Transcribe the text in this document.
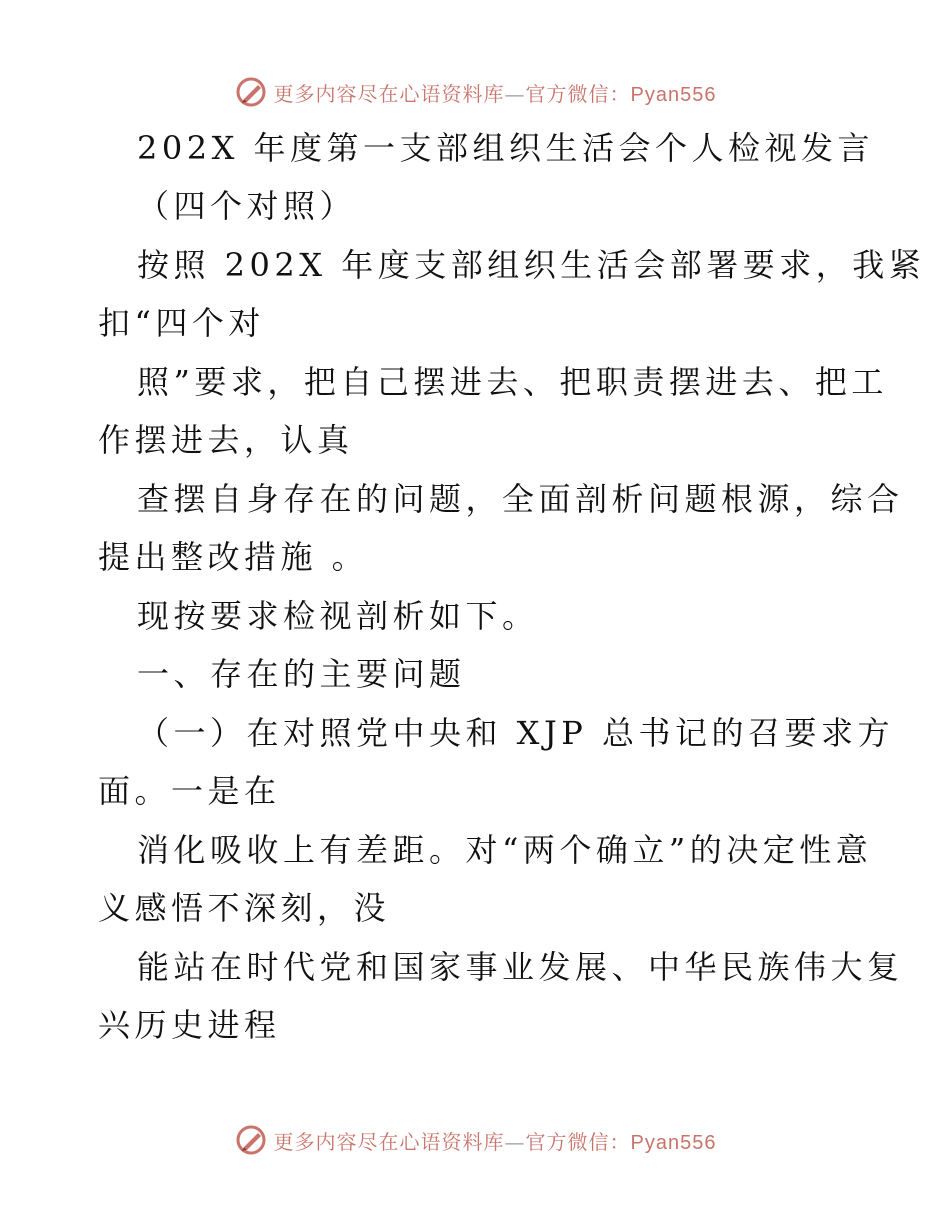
更多内容尽在心语资料库—官方微信：Pyan556
202X 年度第一支部组织生活会个人检视发言
（四个对照）
按照 202X 年度支部组织生活会部署要求，我紧
扣“四个对
照”要求，把自己摆进去、把职责摆进去、把工
作摆进去，认真
查摆自身存在的问题，全面剖析问题根源，综合
提出整改措施 。
现按要求检视剖析如下。
一、存在的主要问题
（一）在对照党中央和 XJP 总书记的召要求方
面。一是在
消化吸收上有差距。对“两个确立”的决定性意
义感悟不深刻，没
能站在时代党和国家事业发展、中华民族伟大复
兴历史进程
更多内容尽在心语资料库—官方微信：Pyan556
